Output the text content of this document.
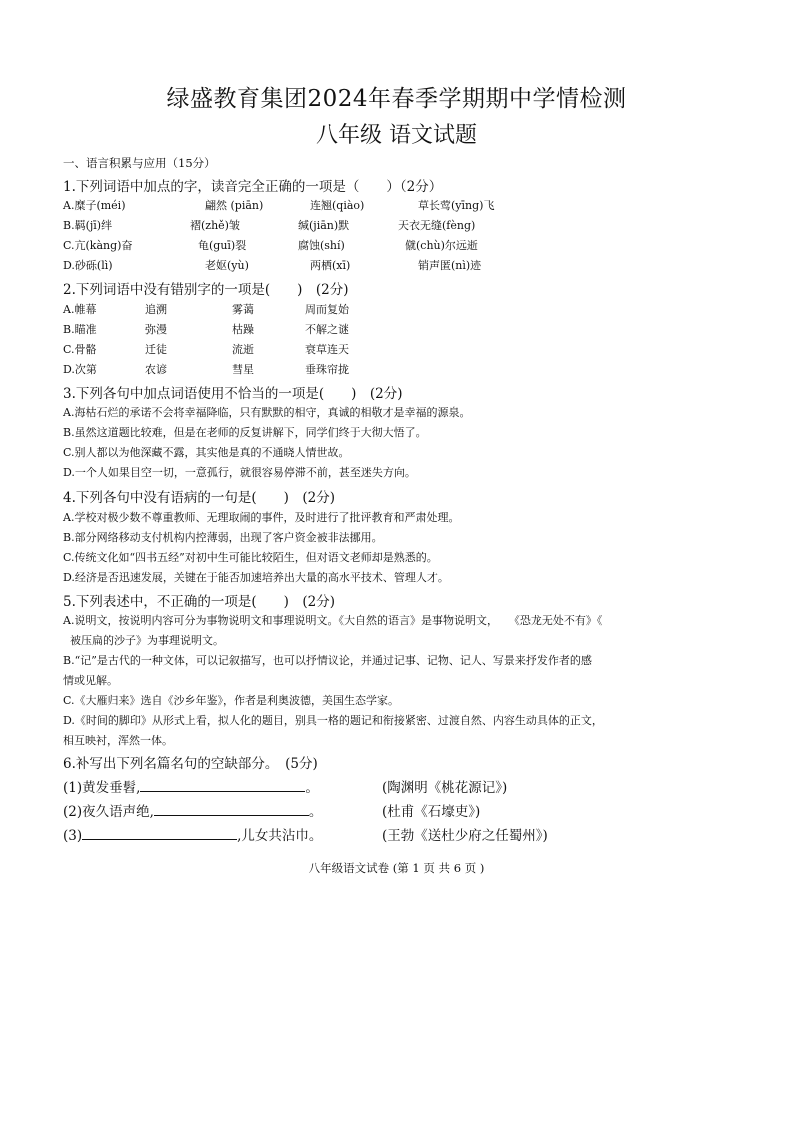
绿盛教育集团2024年春季学期期中学情检测
八年级 语文试题
一、语言积累与应用（15分）
1.下列词语中加点的字，读音完全正确的一项是（　　）（2分）
A.糜子(méi)	翩然 (piān)	连翘(qiào)	草长莺(yīng)飞
B.羁(jī)绊	褶(zhě)皱	缄(jiān)默	天衣无缝(fèng)
C.亢(kàng)奋	龟(guī)裂	腐蚀(shí)	僦(chù)尔远逝
D.砂砾(lì)	老妪(yù)	两栖(xī)	销声匿(nì)迹
2.下列词语中没有错别字的一项是(　　)　(2分)
A.帷幕	追溯	雾蔼	周而复始
B.瞄准	弥漫	枯躁	不解之谜
C.骨骼	迁徒	流逝	衰草连天
D.次第	农谚	彗星	垂珠帘拢
3.下列各句中加点词语使用不恰当的一项是(　　)　(2分)
A.海枯石烂的承诺不会将幸福降临，只有默默的相守，真诚的相敬才是幸福的源泉。
B.虽然这道题比较难，但是在老师的反复讲解下，同学们终于大彻大悟了。
C.别人都以为他深藏不露，其实他是真的不通晓人情世故。
D.一个人如果目空一切，一意孤行，就很容易停滞不前，甚至迷失方向。
4.下列各句中没有语病的一句是(　　)　(2分)
A.学校对极少数不尊重教师、无理取闹的事件，及时进行了批评教育和严肃处理。
B.部分网络移动支付机构内控薄弱，出现了客户资金被非法挪用。
C.传统文化如“四书五经”对初中生可能比较陌生，但对语文老师却是熟悉的。
D.经济是否迅速发展，关键在于能否加速培养出大量的高水平技术、管理人才。
5.下列表述中，不正确的一项是(　　)　(2分)
A.说明文，按说明内容可分为事物说明文和事理说明文。《大自然的语言》是事物说明文，　　《恐龙无处不有》《
被压扁的沙子》为事理说明文。
B.“记”是古代的一种文体，可以记叙描写，也可以抒情议论，并通过记事、记物、记人、写景来抒发作者的感
情或见解。
C.《大雁归来》选自《沙乡年鉴》，作者是利奥波德，美国生态学家。
D.《时间的脚印》从形式上看，拟人化的题目，别具一格的题记和衔接紧密、过渡自然、内容生动具体的正文，
相互映衬，浑然一体。
6.补写出下列名篇名句的空缺部分。　(5分)
(1)黄发垂髫,	。	(陶渊明《桃花源记》)
(2)夜久语声绝,	。	(杜甫《石壕吏》)
(3)	,儿女共沾巾。	(王勃《送杜少府之任蜀州》)
八年级语文试卷 (第 1 页 共 6 页 )
